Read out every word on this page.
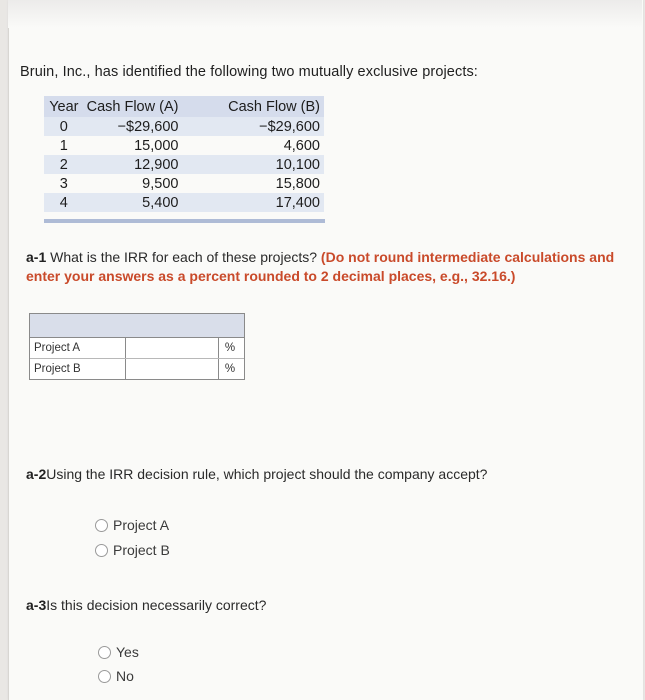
Bruin, Inc., has identified the following two mutually exclusive projects:
Year	Cash Flow (A)	Cash Flow (B)
0	−$29,600	−$29,600
1	15,000	4,600
2	12,900	10,100
3	9,500	15,800
4	5,400	17,400
a-1 What is the IRR for each of these projects? (Do not round intermediate calculations and enter your answers as a percent rounded to 2 decimal places, e.g., 32.16.)
Project A	%
Project B	%
a-2Using the IRR decision rule, which project should the company accept?
Project A
Project B
a-3Is this decision necessarily correct?
Yes
No
